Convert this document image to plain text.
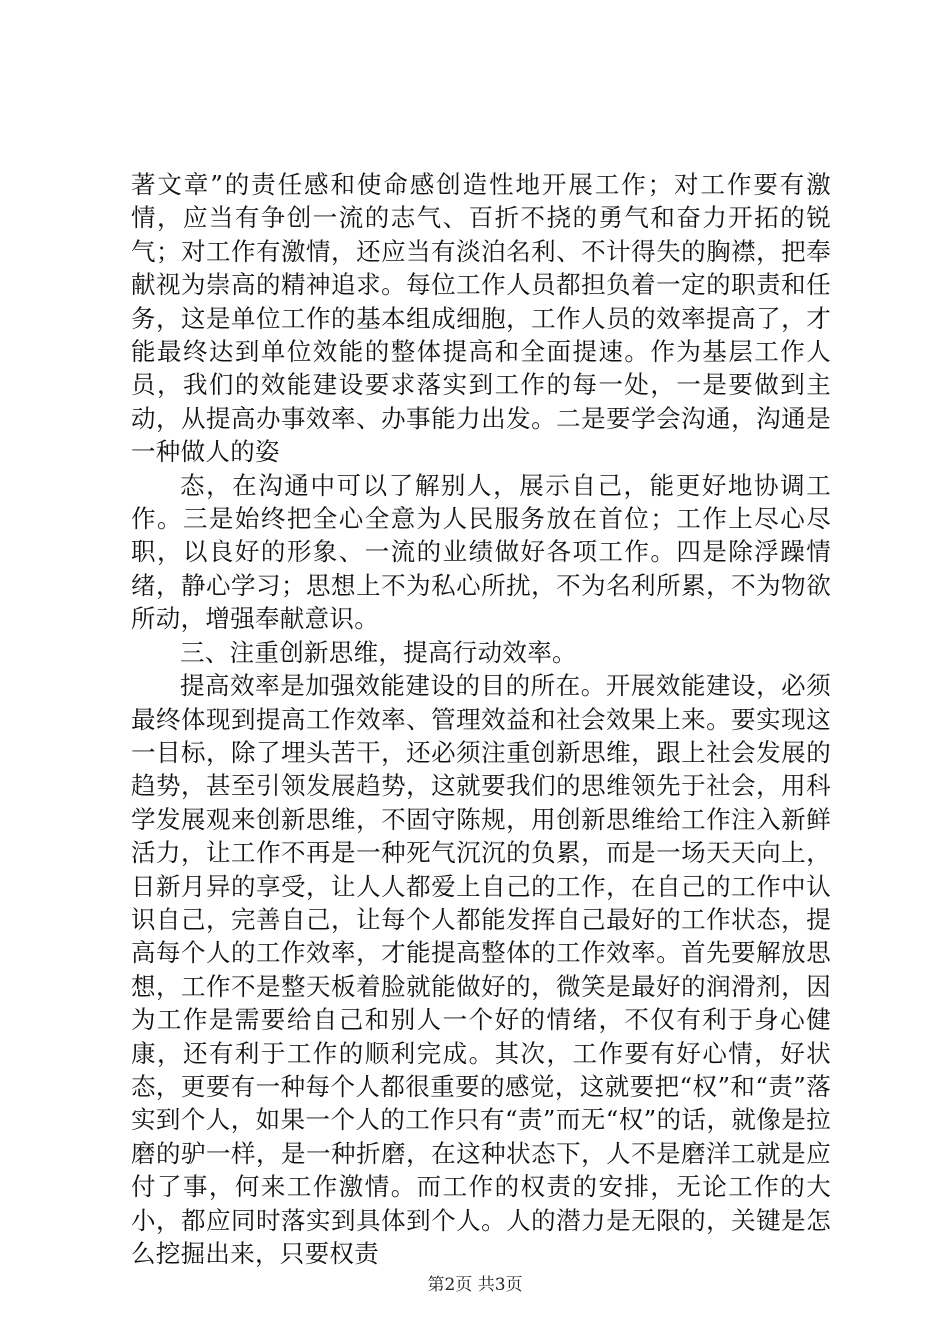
著文章”的责任感和使命感创造性地开展工作；对工作要有激情，应当有争创一流的志气、百折不挠的勇气和奋力开拓的锐气；对工作有激情，还应当有淡泊名利、不计得失的胸襟，把奉献视为崇高的精神追求。每位工作人员都担负着一定的职责和任务，这是单位工作的基本组成细胞，工作人员的效率提高了，才能最终达到单位效能的整体提高和全面提速。作为基层工作人员，我们的效能建设要求落实到工作的每一处，一是要做到主动，从提高办事效率、办事能力出发。二是要学会沟通，沟通是一种做人的姿

态，在沟通中可以了解别人，展示自己，能更好地协调工作。三是始终把全心全意为人民服务放在首位；工作上尽心尽职，以良好的形象、一流的业绩做好各项工作。四是除浮躁情绪，静心学习；思想上不为私心所扰，不为名利所累，不为物欲所动，增强奉献意识。

三、注重创新思维，提高行动效率。

提高效率是加强效能建设的目的所在。开展效能建设，必须最终体现到提高工作效率、管理效益和社会效果上来。要实现这一目标，除了埋头苦干，还必须注重创新思维，跟上社会发展的趋势，甚至引领发展趋势，这就要我们的思维领先于社会，用科学发展观来创新思维，不固守陈规，用创新思维给工作注入新鲜活力，让工作不再是一种死气沉沉的负累，而是一场天天向上，日新月异的享受，让人人都爱上自己的工作，在自己的工作中认识自己，完善自己，让每个人都能发挥自己最好的工作状态，提高每个人的工作效率，才能提高整体的工作效率。首先要解放思想，工作不是整天板着脸就能做好的，微笑是最好的润滑剂，因为工作是需要给自己和别人一个好的情绪，不仅有利于身心健康，还有利于工作的顺利完成。其次，工作要有好心情，好状态，更要有一种每个人都很重要的感觉，这就要把“权”和“责”落实到个人，如果一个人的工作只有“责”而无“权”的话，就像是拉磨的驴一样，是一种折磨，在这种状态下，人不是磨洋工就是应付了事，何来工作激情。而工作的权责的安排，无论工作的大小，都应同时落实到具体到个人。人的潜力是无限的，关键是怎么挖掘出来，只要权责

第2页 共3页
